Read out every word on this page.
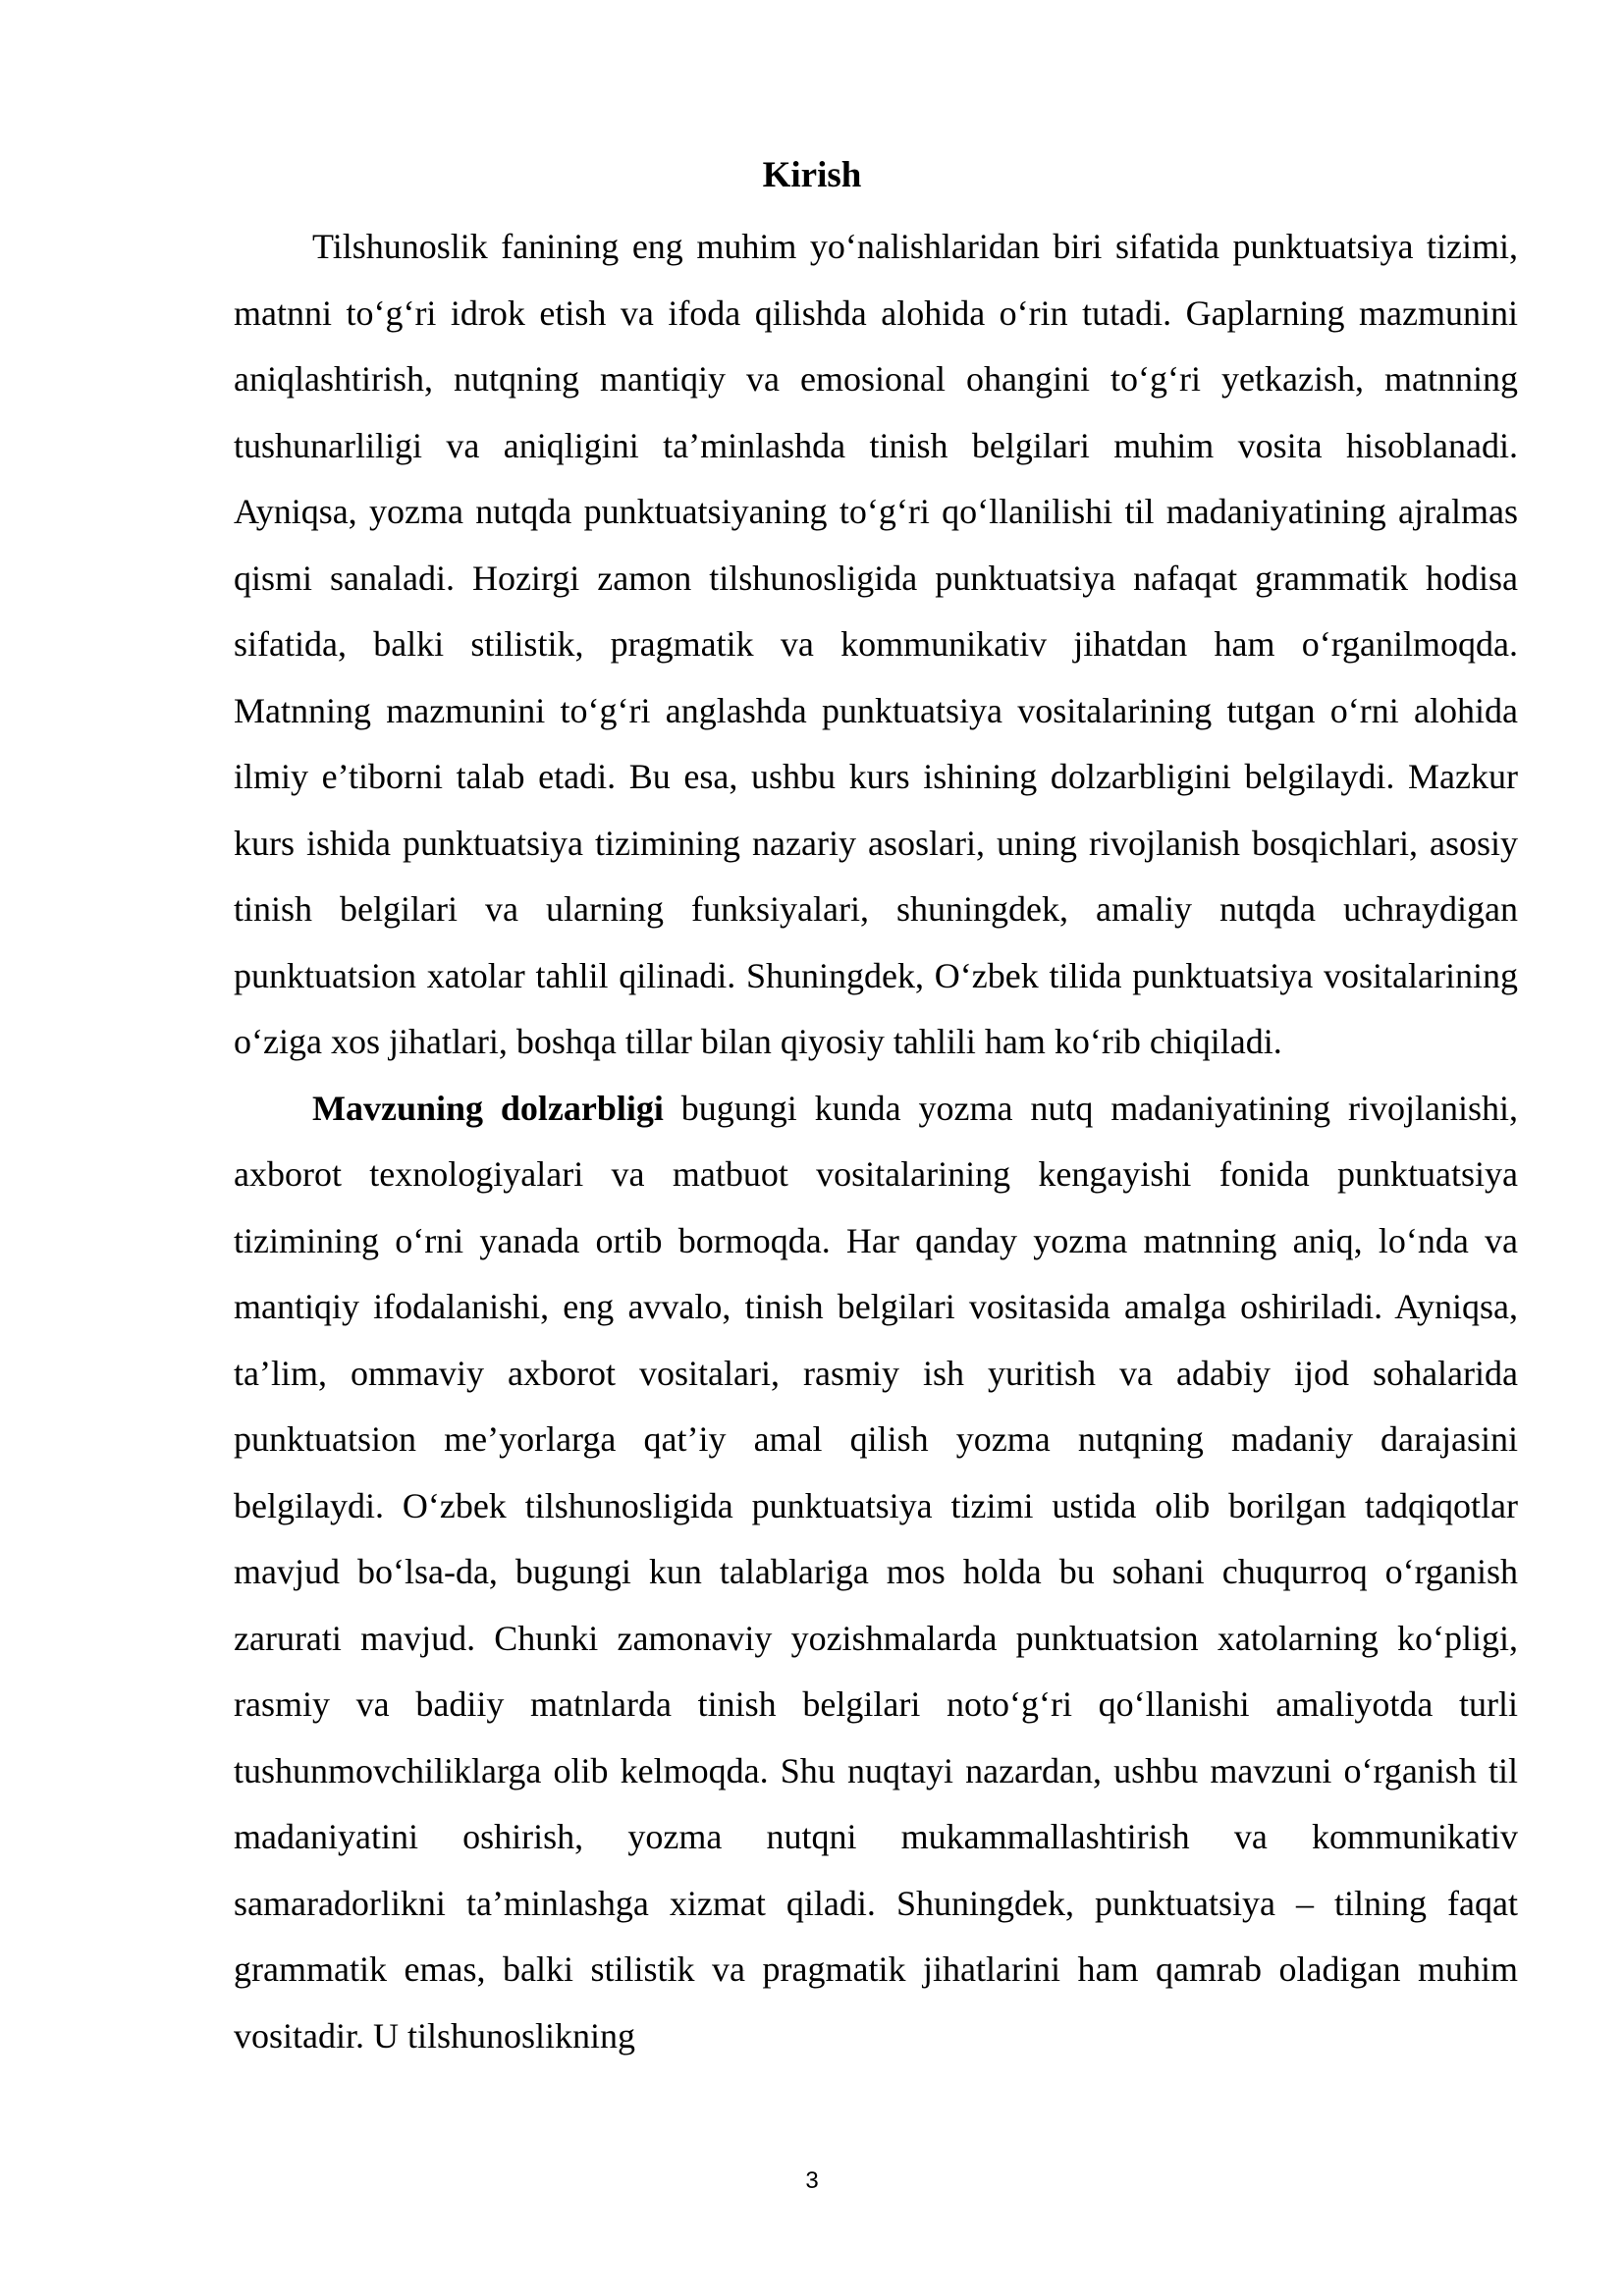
Kirish

Tilshunoslik fanining eng muhim yo‘nalishlaridan biri sifatida punktuatsiya tizimi, matnni to‘g‘ri idrok etish va ifoda qilishda alohida o‘rin tutadi. Gaplarning mazmunini aniqlashtirish, nutqning mantiqiy va emosional ohangini to‘g‘ri yetkazish, matnning tushunarliligi va aniqligini ta’minlashda tinish belgilari muhim vosita hisoblanadi. Ayniqsa, yozma nutqda punktuatsiyaning to‘g‘ri qo‘llanilishi til madaniyatining ajralmas qismi sanaladi. Hozirgi zamon tilshunosligida punktuatsiya nafaqat grammatik hodisa sifatida, balki stilistik, pragmatik va kommunikativ jihatdan ham o‘rganilmoqda. Matnning mazmunini to‘g‘ri anglashda punktuatsiya vositalarining tutgan o‘rni alohida ilmiy e’tiborni talab etadi. Bu esa, ushbu kurs ishining dolzarbligini belgilaydi. Mazkur kurs ishida punktuatsiya tizimining nazariy asoslari, uning rivojlanish bosqichlari, asosiy tinish belgilari va ularning funksiyalari, shuningdek, amaliy nutqda uchraydigan punktuatsion xatolar tahlil qilinadi. Shuningdek, O‘zbek tilida punktuatsiya vositalarining o‘ziga xos jihatlari, boshqa tillar bilan qiyosiy tahlili ham ko‘rib chiqiladi.

Mavzuning dolzarbligi bugungi kunda yozma nutq madaniyatining rivojlanishi, axborot texnologiyalari va matbuot vositalarining kengayishi fonida punktuatsiya tizimining o‘rni yanada ortib bormoqda. Har qanday yozma matnning aniq, lo‘nda va mantiqiy ifodalanishi, eng avvalo, tinish belgilari vositasida amalga oshiriladi. Ayniqsa, ta’lim, ommaviy axborot vositalari, rasmiy ish yuritish va adabiy ijod sohalarida punktuatsion me’yorlarga qat’iy amal qilish yozma nutqning madaniy darajasini belgilaydi. O‘zbek tilshunosligida punktuatsiya tizimi ustida olib borilgan tadqiqotlar mavjud bo‘lsa-da, bugungi kun talablariga mos holda bu sohani chuqurroq o‘rganish zarurati mavjud. Chunki zamonaviy yozishmalarda punktuatsion xatolarning ko‘pligi, rasmiy va badiiy matnlarda tinish belgilari noto‘g‘ri qo‘llanishi amaliyotda turli tushunmovchiliklarga olib kelmoqda. Shu nuqtayi nazardan, ushbu mavzuni o‘rganish til madaniyatini oshirish, yozma nutqni mukammallashtirish va kommunikativ samaradorlikni ta’minlashga xizmat qiladi. Shuningdek, punktuatsiya – tilning faqat grammatik emas, balki stilistik va pragmatik jihatlarini ham qamrab oladigan muhim vositadir. U tilshunoslikning

3
